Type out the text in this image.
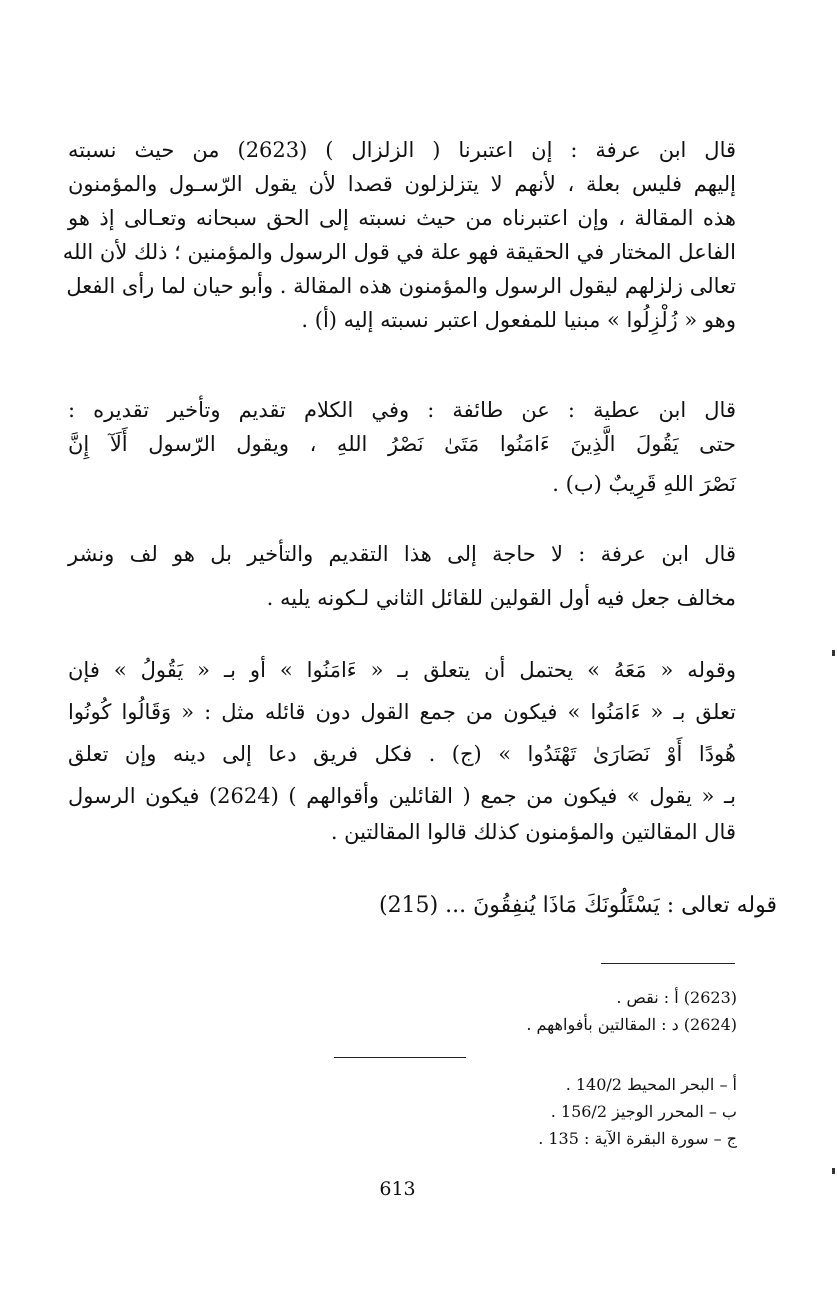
قال ابن عرفة : إن اعتبرنا ( الزلزال ) (2623) من حيث نسبته
إليهم فليس بعلة ، لأنهم لا يتزلزلون قصدا لأن يقول الرّسـول والمؤمنون
هذه المقالة ، وإن اعتبرناه من حيث نسبته إلى الحق سبحانه وتعـالى إذ هو
الفاعل المختار في الحقيقة فهو علة في قول الرسول والمؤمنين ؛ ذلك لأن الله
تعالى زلزلهم ليقول الرسول والمؤمنون هذه المقالة . وأبو حيان لما رأى الفعل
وهو « زُلْزِلُوا » مبنيا للمفعول اعتبر نسبته إليه (أ) .
قال ابن عطية : عن طائفة : وفي الكلام تقديم وتأخير تقديره :
حتى يَقُولَ الَّذِينَ ءَامَنُوا مَتَىٰ نَصْرُ اللهِ ، ويقول الرّسول أَلَآ إِنَّ
نَصْرَ اللهِ قَرِيبٌ (ب) .
قال ابن عرفة : لا حاجة إلى هذا التقديم والتأخير بل هو لف ونشر
مخالف جعل فيه أول القولين للقائل الثاني لـكونه يليه .
وقوله « مَعَهُ » يحتمل أن يتعلق بـ « ءَامَنُوا » أو بـ « يَقُولُ » فإن
تعلق بـ « ءَامَنُوا » فيكون من جمع القول دون قائله مثل : « وَقَالُوا كُونُوا
هُودًا أَوْ نَصَارَىٰ تَهْتَدُوا » (ج) . فكل فريق دعا إلى دينه وإن تعلق
بـ « يقول » فيكون من جمع ( القائلين وأقوالهم ) (2624) فيكون الرسول
قال المقالتين والمؤمنون كذلك قالوا المقالتين .
قوله تعالى : يَسْئَلُونَكَ مَاذَا يُنفِقُونَ ... (215)
(2623) أ : نقص .
(2624) د : المقالتين بأفواههم .
أ – البحر المحيط 140/2 .
ب – المحرر الوجيز 156/2 .
ج – سورة البقرة الآية : 135 .
613
